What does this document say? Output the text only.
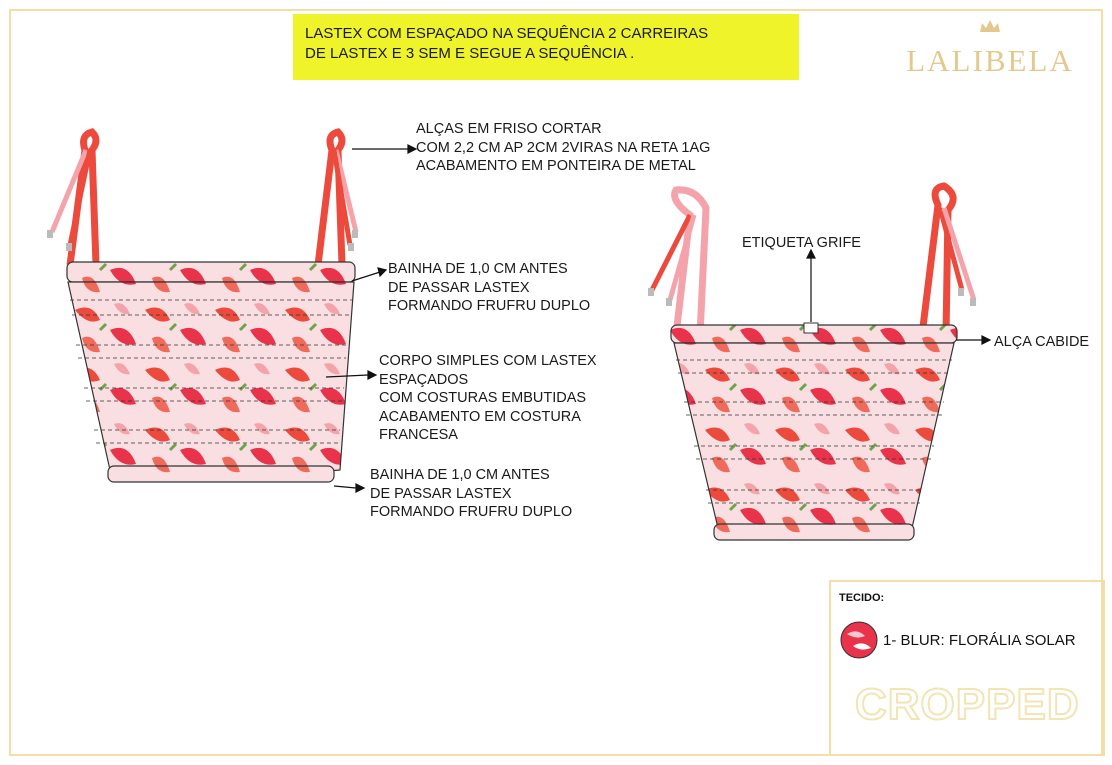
LASTEX COM ESPAÇADO NA SEQUÊNCIA 2 CARREIRAS
DE LASTEX E 3 SEM E SEGUE A SEQUÊNCIA .	LALIBELA
ALÇAS EM FRISO CORTAR
COM 2,2 CM AP 2CM 2VIRAS NA RETA 1AG
ACABAMENTO EM PONTEIRA DE METAL
BAINHA DE 1,0 CM ANTES
DE PASSAR LASTEX
FORMANDO FRUFRU DUPLO
CORPO SIMPLES COM LASTEX
ESPAÇADOS
COM COSTURAS EMBUTIDAS
ACABAMENTO EM COSTURA
FRANCESA
BAINHA DE 1,0 CM ANTES
DE PASSAR LASTEX
FORMANDO FRUFRU DUPLO
ETIQUETA GRIFE
ALÇA CABIDE
TECIDO:
1- BLUR: FLORÁLIA SOLAR
CROPPED
